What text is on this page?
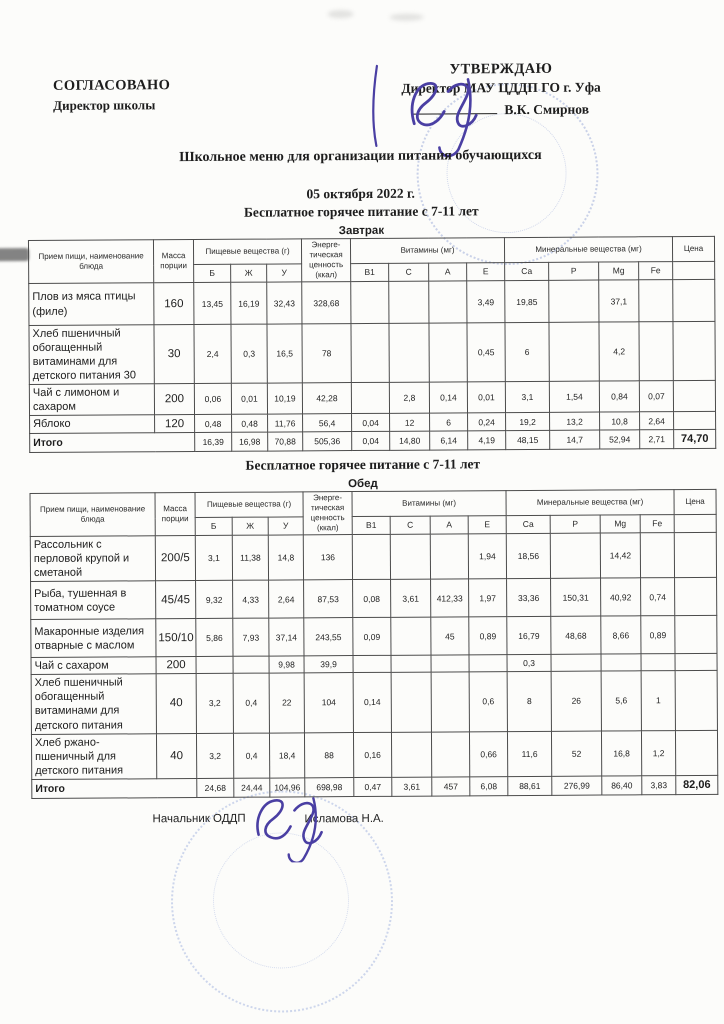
СОГЛАСОВАНО
Директор школы
УТВЕРЖДАЮ
Директор МАУ ЦДДП ГО г. Уфа
В.К. Смирнов
Школьное меню для организации питания обучающихся
05 октября 2022 г.
Бесплатное горячее питание с 7-11 лет
Завтрак
Прием пищи, наименование блюда	Масса порции	Пищевые вещества (г)			Энерге-тическая ценность (ккал)	Витамины (мг)				Минеральные вещества (мг)				Цена
		Б	Ж	У		В1	С	А	Е	Са	Р	Mg	Fe	
Плов из мяса птицы (филе)	160	13,45	16,19	32,43	328,68				3,49	19,85		37,1		
Хлеб пшеничный обогащенный витаминами для детского питания 30	30	2,4	0,3	16,5	78				0,45	6		4,2		
Чай с лимоном и сахаром	200	0,06	0,01	10,19	42,28		2,8	0,14	0,01	3,1	1,54	0,84	0,07	
Яблоко	120	0,48	0,48	11,76	56,4	0,04	12	6	0,24	19,2	13,2	10,8	2,64	
Итого		16,39	16,98	70,88	505,36	0,04	14,80	6,14	4,19	48,15	14,7	52,94	2,71	74,70
Бесплатное горячее питание с 7-11 лет
Обед
Прием пищи, наименование блюда	Масса порции	Пищевые вещества (г)			Энерге-тическая ценность (ккал)	Витамины (мг)				Минеральные вещества (мг)				Цена
		Б	Ж	У		В1	С	А	Е	Са	Р	Mg	Fe	
Рассольник с перловой крупой и сметаной	200/5	3,1	11,38	14,8	136				1,94	18,56		14,42		
Рыба, тушенная в томатном соусе	45/45	9,32	4,33	2,64	87,53	0,08	3,61	412,33	1,97	33,36	150,31	40,92	0,74	
Макаронные изделия отварные с маслом	150/10	5,86	7,93	37,14	243,55	0,09		45	0,89	16,79	48,68	8,66	0,89	
Чай с сахаром	200			9,98	39,9					0,3				
Хлеб пшеничный обогащенный витаминами для детского питания	40	3,2	0,4	22	104	0,14			0,6	8	26	5,6	1	
Хлеб ржано-пшеничный для детского питания	40	3,2	0,4	18,4	88	0,16			0,66	11,6	52	16,8	1,2	
Итого		24,68	24,44	104,96	698,98	0,47	3,61	457	6,08	88,61	276,99	86,40	3,83	82,06
Начальник ОДДП	Исламова Н.А.
